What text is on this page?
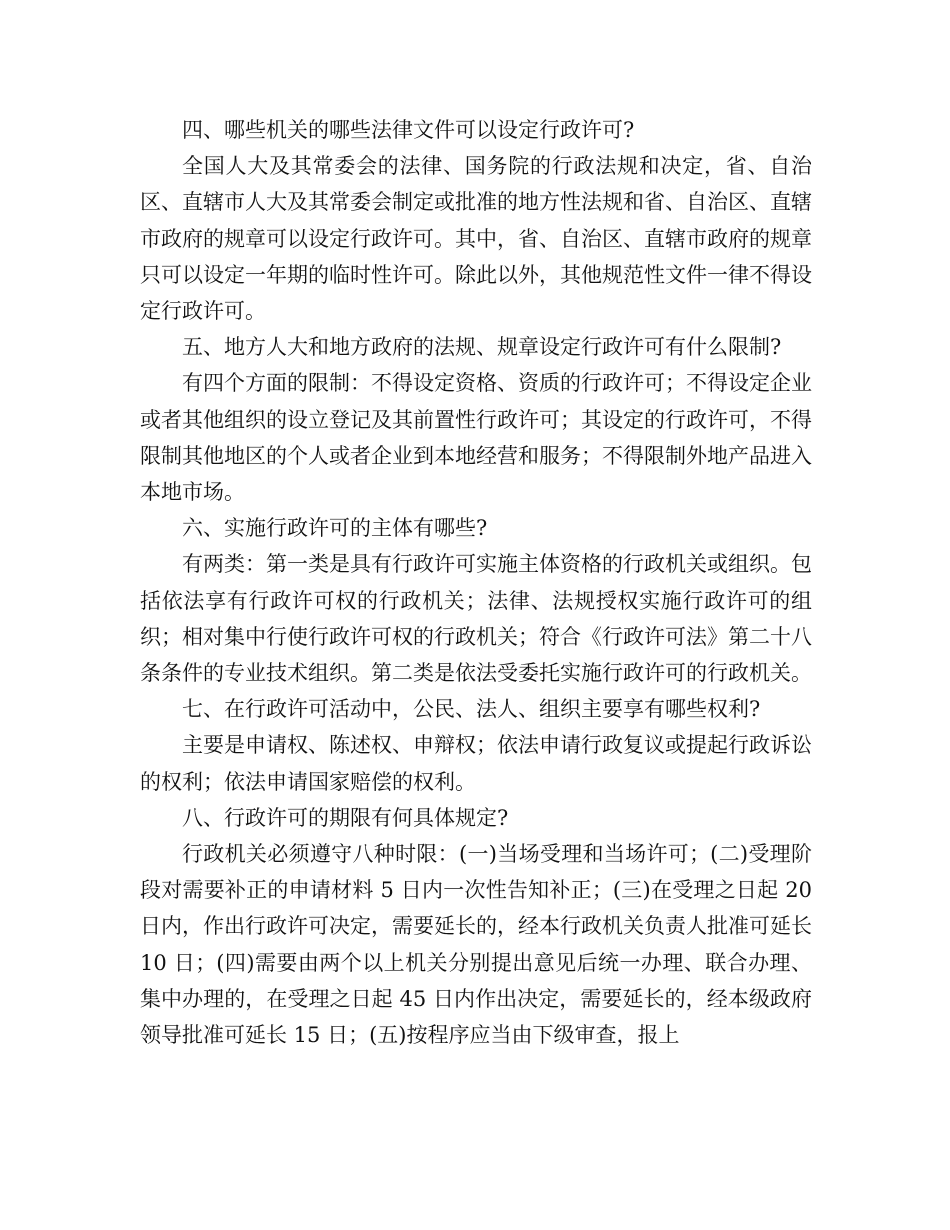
四、哪些机关的哪些法律文件可以设定行政许可?

全国人大及其常委会的法律、国务院的行政法规和决定，省、自治区、直辖市人大及其常委会制定或批准的地方性法规和省、自治区、直辖市政府的规章可以设定行政许可。其中，省、自治区、直辖市政府的规章只可以设定一年期的临时性许可。除此以外，其他规范性文件一律不得设定行政许可。

五、地方人大和地方政府的法规、规章设定行政许可有什么限制?

有四个方面的限制：不得设定资格、资质的行政许可；不得设定企业或者其他组织的设立登记及其前置性行政许可；其设定的行政许可，不得限制其他地区的个人或者企业到本地经营和服务；不得限制外地产品进入本地市场。

六、实施行政许可的主体有哪些?

有两类：第一类是具有行政许可实施主体资格的行政机关或组织。包括依法享有行政许可权的行政机关；法律、法规授权实施行政许可的组织；相对集中行使行政许可权的行政机关；符合《行政许可法》第二十八条条件的专业技术组织。第二类是依法受委托实施行政许可的行政机关。

七、在行政许可活动中，公民、法人、组织主要享有哪些权利?

主要是申请权、陈述权、申辩权；依法申请行政复议或提起行政诉讼的权利；依法申请国家赔偿的权利。

八、行政许可的期限有何具体规定?

行政机关必须遵守八种时限：(一)当场受理和当场许可；(二)受理阶段对需要补正的申请材料 5 日内一次性告知补正；(三)在受理之日起 20 日内，作出行政许可决定，需要延长的，经本行政机关负责人批准可延长 10 日；(四)需要由两个以上机关分别提出意见后统一办理、联合办理、集中办理的，在受理之日起 45 日内作出决定，需要延长的，经本级政府领导批准可延长 15 日；(五)按程序应当由下级审查，报上
